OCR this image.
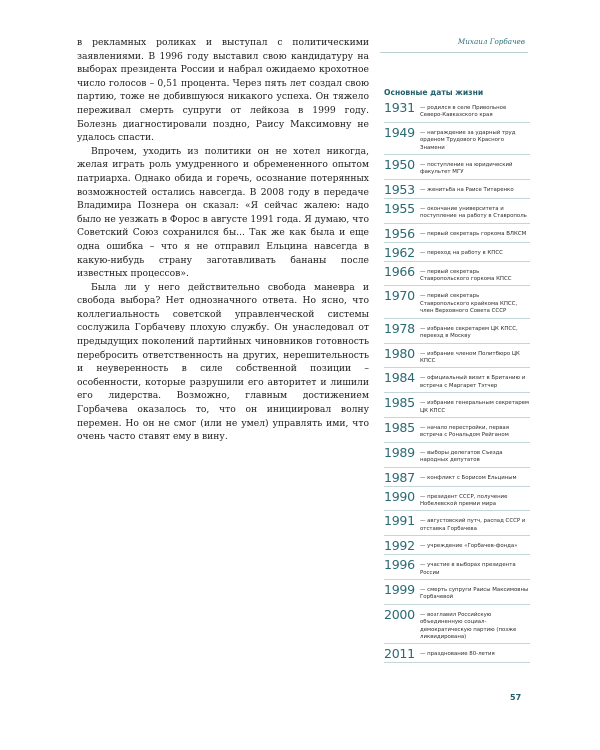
в рекламных роликах и выступал с политическими заявлениями. В 1996 году выставил свою кандидатуру на выборах президента России и набрал ожидаемо крохотное число голосов – 0,51 процента. Через пять лет создал свою партию, тоже не добившуюся никакого успеха. Он тяжело переживал смерть супруги от лейкоза в 1999 году. Болезнь диагностировали поздно, Раису Максимовну не удалось спасти.

Впрочем, уходить из политики он не хотел никогда, желая играть роль умудренного и обремененного опытом патриарха. Однако обида и горечь, осознание потерянных возможностей остались навсегда. В 2008 году в передаче Владимира Познера он сказал: «Я сейчас жалею: надо было не уезжать в Форос в августе 1991 года. Я думаю, что Советский Союз сохранился бы... Так же как была и еще одна ошибка – что я не отправил Ельцина навсегда в какую-нибудь страну заготавливать бананы после известных процессов».

Была ли у него действительно свобода маневра и свобода выбора? Нет однозначного ответа. Но ясно, что коллегиальность советской управленческой системы сослужила Горбачеву плохую службу. Он унаследовал от предыдущих поколений партийных чиновников готовность перебросить ответственность на других, нерешительность и неуверенность в силе собственной позиции – особенности, которые разрушили его авторитет и лишили его лидерства. Возможно, главным достижением Горбачева оказалось то, что он инициировал волну перемен. Но он не смог (или не умел) управлять ими, что очень часто ставят ему в вину.

Михаил Горбачев
Основные даты жизни
1931 — родился в селе Привольное Северо-Кавказского края
1949 — награждение за ударный труд орденом Трудового Красного Знамени
1950 — поступление на юридический факультет МГУ
1953 — женитьба на Раисе Титаренко
1955 — окончание университета и поступление на работу в Ставрополь
1956 — первый секретарь горкома ВЛКСМ
1962 — переход на работу в КПСС
1966 — первый секретарь Ставропольского горкома КПСС
1970 — первый секретарь Ставропольского крайкома КПСС, член Верховного Совета СССР
1978 — избрание секретарем ЦК КПСС, переезд в Москву
1980 — избрание членом Политбюро ЦК КПСС
1984 — официальный визит в Британию и встреча с Маргарет Тэтчер
1985 — избрание генеральным секретарем ЦК КПСС
1985 — начало перестройки, первая встреча с Рональдом Рейганом
1989 — выборы делегатов Съезда народных депутатов
1987 — конфликт с Борисом Ельциным
1990 — президент СССР, получение Нобелевской премии мира
1991 — августовский путч, распад СССР и отставка Горбачева
1992 — учреждение «Горбачев-фонда»
1996 — участие в выборах президента России
1999 — смерть супруги Раисы Максимовны Горбачевой
2000 — возглавил Российскую объединенную социал-демократическую партию (позже ликвидирована)
2011 — празднование 80-летия
57
